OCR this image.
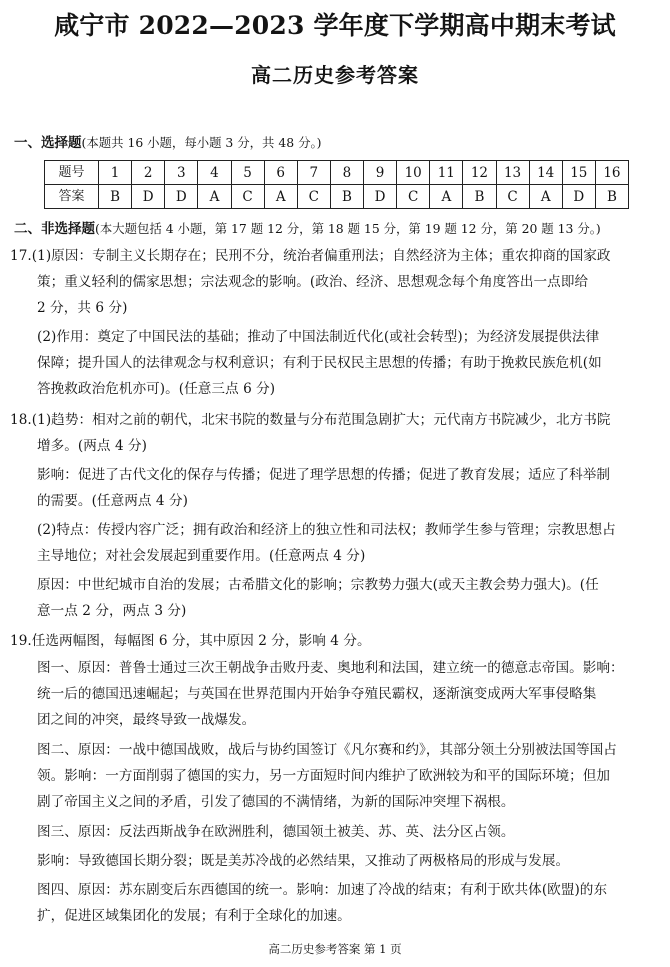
咸宁市 2022—2023 学年度下学期高中期末考试
高二历史参考答案
一、选择题(本题共 16 小题，每小题 3 分，共 48 分。)
题号	1	2	3	4	5	6	7	8	9	10	11	12	13	14	15	16
答案	B	D	D	A	C	A	C	B	D	C	A	B	C	A	D	B
二、非选择题(本大题包括 4 小题，第 17 题 12 分，第 18 题 15 分，第 19 题 12 分，第 20 题 13 分。)
17.(1)原因：专制主义长期存在；民刑不分，统治者偏重刑法；自然经济为主体；重农抑商的国家政
策；重义轻利的儒家思想；宗法观念的影响。(政治、经济、思想观念每个角度答出一点即给
2 分，共 6 分)
(2)作用：奠定了中国民法的基础；推动了中国法制近代化(或社会转型)；为经济发展提供法律
保障；提升国人的法律观念与权利意识；有利于民权民主思想的传播；有助于挽救民族危机(如
答挽救政治危机亦可)。(任意三点 6 分)
18.(1)趋势：相对之前的朝代，北宋书院的数量与分布范围急剧扩大；元代南方书院减少，北方书院
增多。(两点 4 分)
影响：促进了古代文化的保存与传播；促进了理学思想的传播；促进了教育发展；适应了科举制
的需要。(任意两点 4 分)
(2)特点：传授内容广泛；拥有政治和经济上的独立性和司法权；教师学生参与管理；宗教思想占
主导地位；对社会发展起到重要作用。(任意两点 4 分)
原因：中世纪城市自治的发展；古希腊文化的影响；宗教势力强大(或天主教会势力强大)。(任
意一点 2 分，两点 3 分)
19.任选两幅图，每幅图 6 分，其中原因 2 分，影响 4 分。
图一、原因：普鲁士通过三次王朝战争击败丹麦、奥地利和法国，建立统一的德意志帝国。影响：
统一后的德国迅速崛起；与英国在世界范围内开始争夺殖民霸权，逐渐演变成两大军事侵略集
团之间的冲突，最终导致一战爆发。
图二、原因：一战中德国战败，战后与协约国签订《凡尔赛和约》，其部分领土分别被法国等国占
领。影响：一方面削弱了德国的实力，另一方面短时间内维护了欧洲较为和平的国际环境；但加
剧了帝国主义之间的矛盾，引发了德国的不满情绪，为新的国际冲突埋下祸根。
图三、原因：反法西斯战争在欧洲胜利，德国领土被美、苏、英、法分区占领。
影响：导致德国长期分裂；既是美苏冷战的必然结果，又推动了两极格局的形成与发展。
图四、原因：苏东剧变后东西德国的统一。影响：加速了冷战的结束；有利于欧共体(欧盟)的东
扩，促进区域集团化的发展；有利于全球化的加速。
高二历史参考答案 第 1 页
